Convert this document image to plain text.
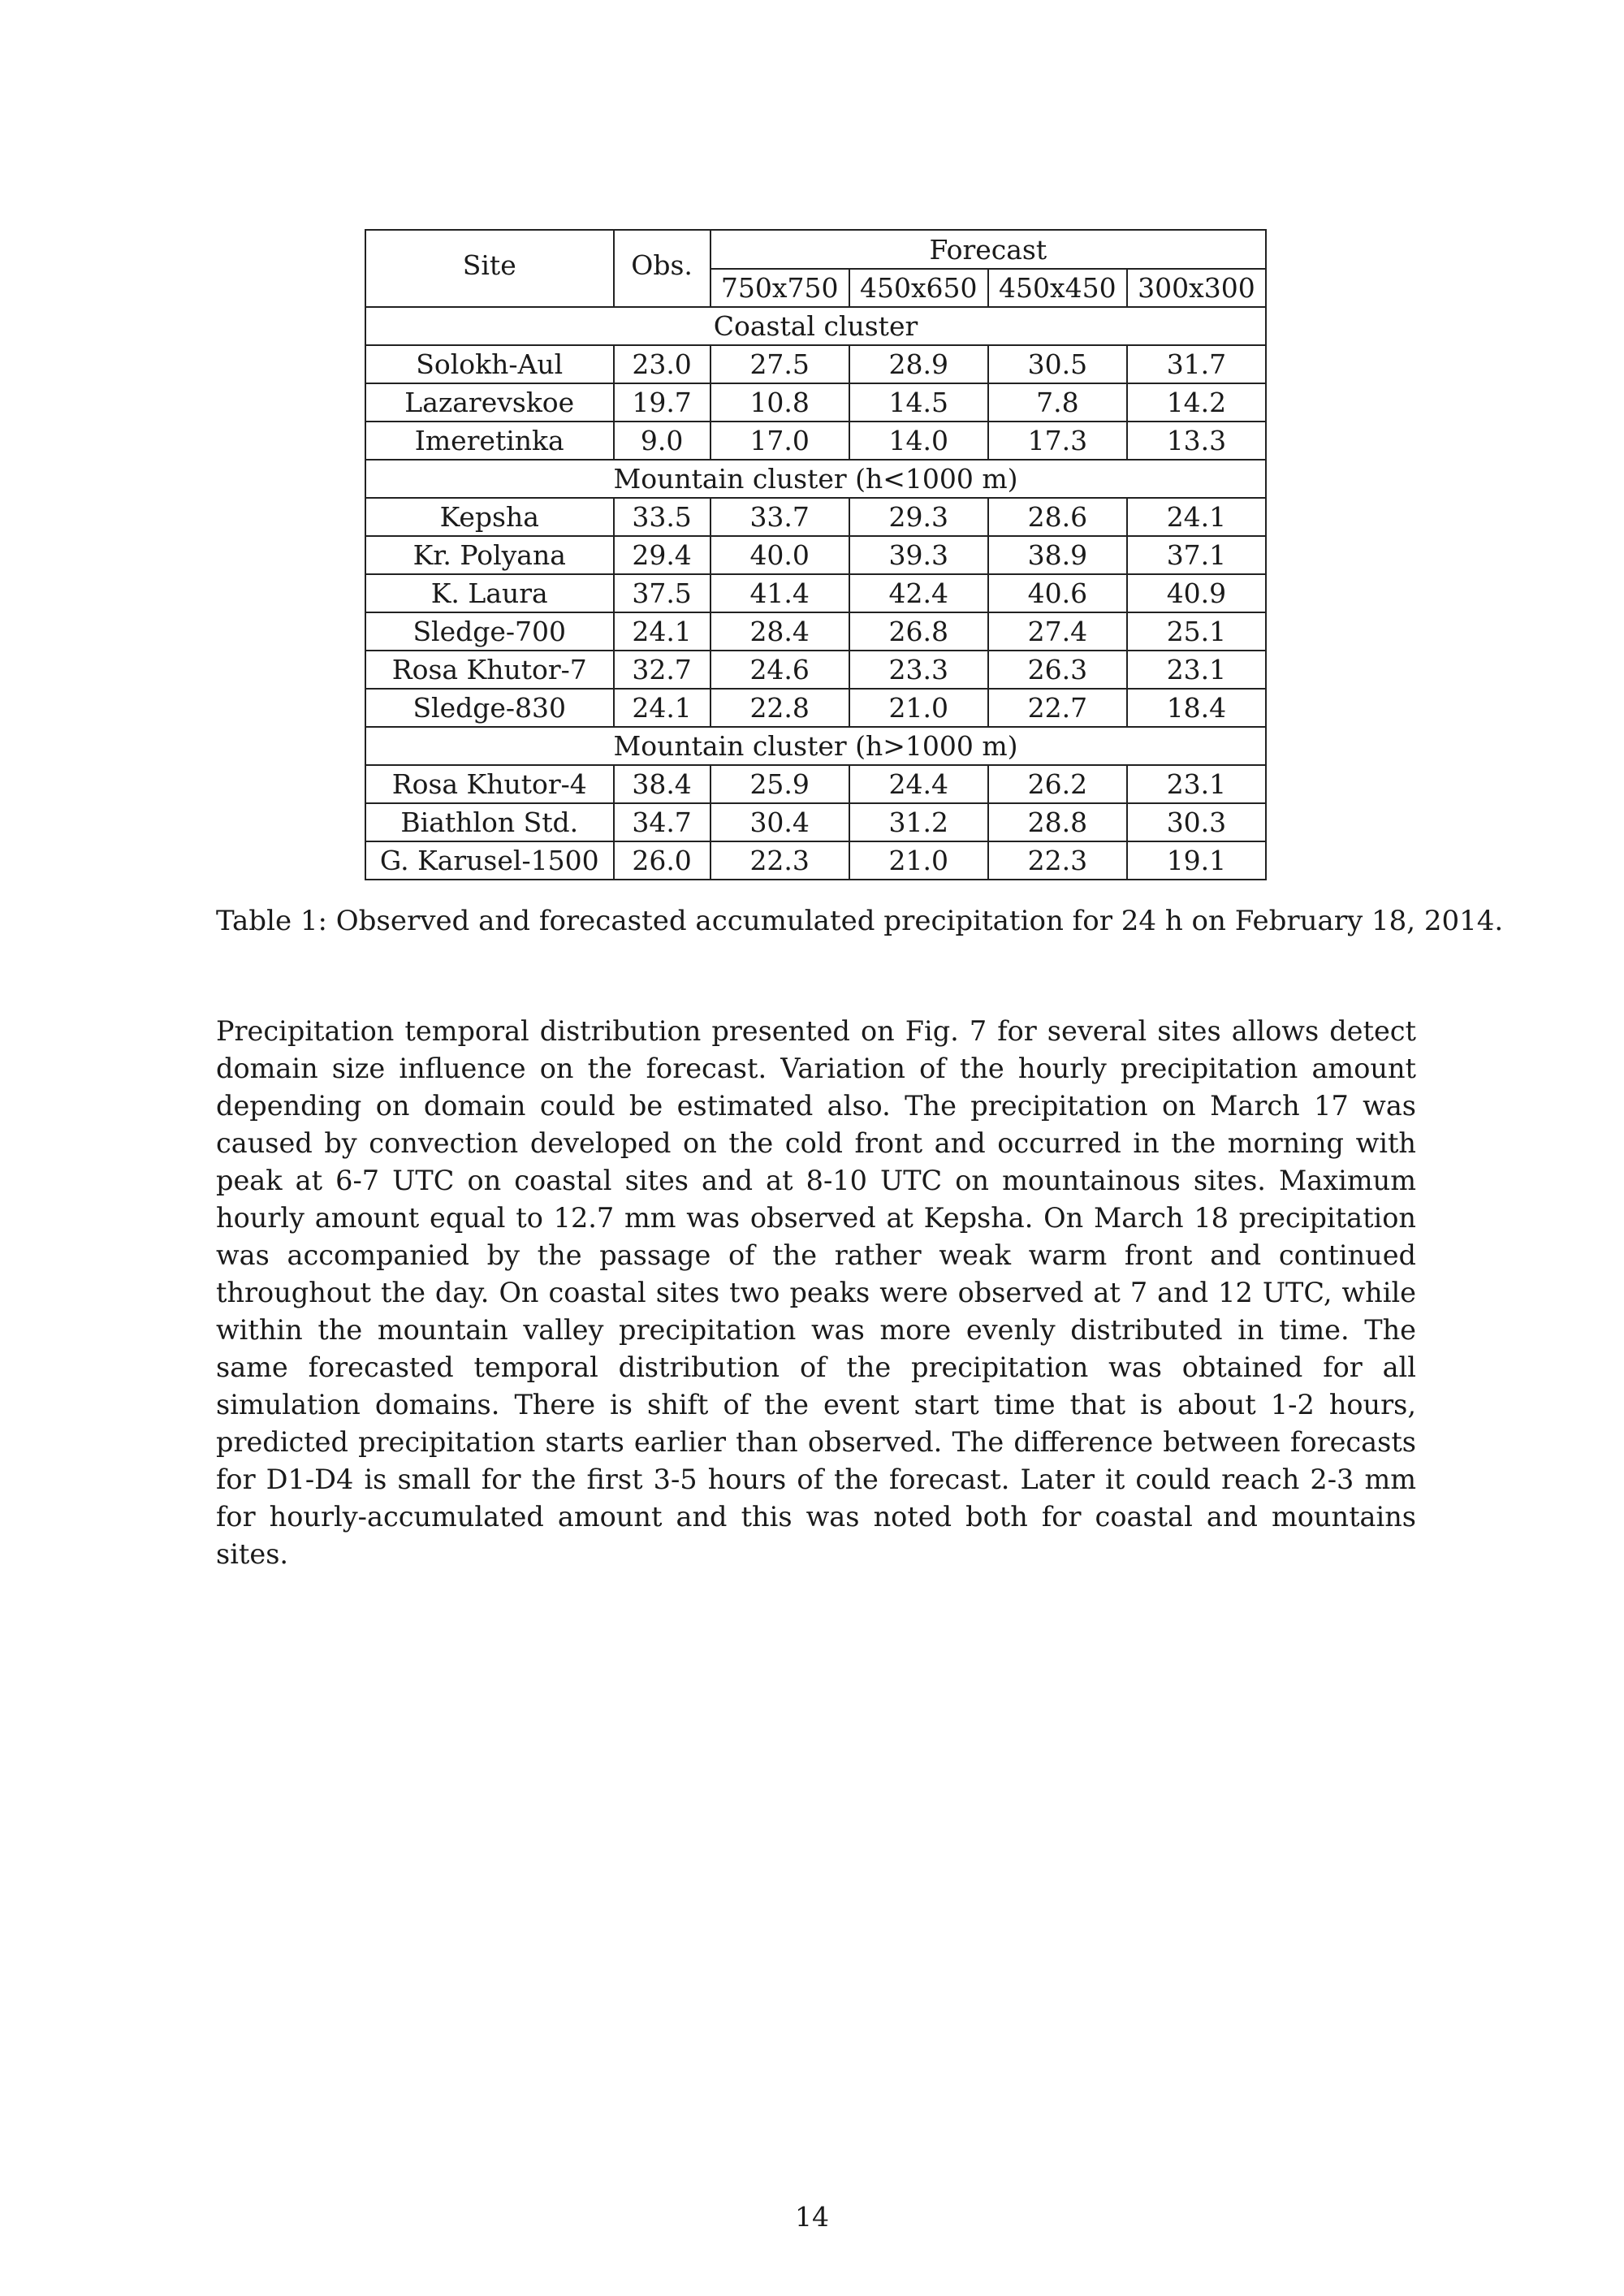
Site	Obs.	Forecast			
		750x750	450x650	450x450	300x300
Coastal cluster					
Solokh-Aul	23.0	27.5	28.9	30.5	31.7
Lazarevskoe	19.7	10.8	14.5	7.8	14.2
Imeretinka	9.0	17.0	14.0	17.3	13.3
Mountain cluster (h<1000 m)					
Kepsha	33.5	33.7	29.3	28.6	24.1
Kr. Polyana	29.4	40.0	39.3	38.9	37.1
K. Laura	37.5	41.4	42.4	40.6	40.9
Sledge-700	24.1	28.4	26.8	27.4	25.1
Rosa Khutor-7	32.7	24.6	23.3	26.3	23.1
Sledge-830	24.1	22.8	21.0	22.7	18.4
Mountain cluster (h>1000 m)					
Rosa Khutor-4	38.4	25.9	24.4	26.2	23.1
Biathlon Std.	34.7	30.4	31.2	28.8	30.3
G. Karusel-1500	26.0	22.3	21.0	22.3	19.1
Table 1: Observed and forecasted accumulated precipitation for 24 h on February 18, 2014.

Precipitation temporal distribution presented on Fig. 7 for several sites allows detect domain size influence on the forecast. Variation of the hourly precipitation amount depending on domain could be estimated also. The precipitation on March 17 was caused by convection developed on the cold front and occurred in the morning with peak at 6-7 UTC on coastal sites and at 8-10 UTC on mountainous sites. Maximum hourly amount equal to 12.7 mm was observed at Kepsha. On March 18 precipitation was accompanied by the passage of the rather weak warm front and continued throughout the day. On coastal sites two peaks were observed at 7 and 12 UTC, while within the mountain valley precipitation was more evenly distributed in time. The same forecasted temporal distribution of the precipitation was obtained for all simulation domains. There is shift of the event start time that is about 1-2 hours, predicted precipitation starts earlier than observed. The difference between forecasts for D1-D4 is small for the first 3-5 hours of the forecast. Later it could reach 2-3 mm for hourly-accumulated amount and this was noted both for coastal and mountains sites.

14
